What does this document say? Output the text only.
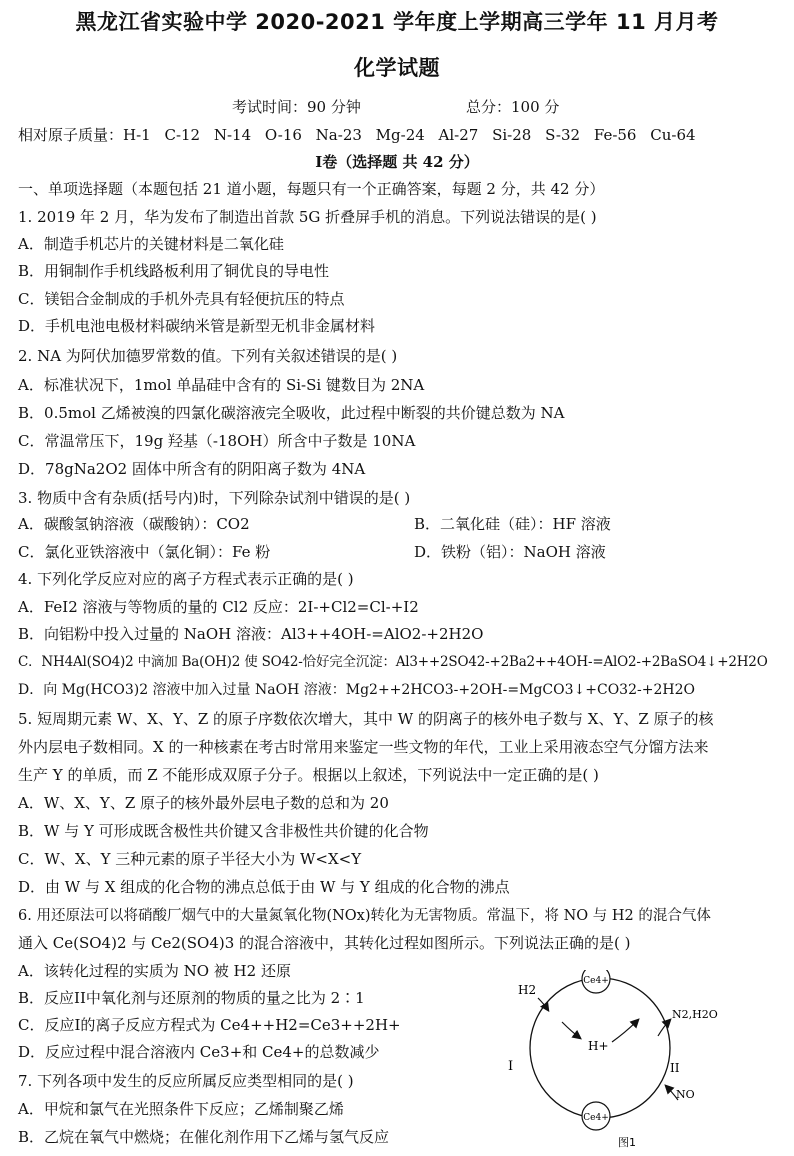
黑龙江省实验中学 2020-2021 学年度上学期高三学年 11 月月考
化学试题
考试时间：90 分钟	总分：100 分
相对原子质量：H-1 C-12 N-14 O-16 Na-23 Mg-24 Al-27 Si-28 S-32 Fe-56 Cu-64
I卷（选择题 共 42 分）
一、单项选择题（本题包括 21 道小题，每题只有一个正确答案，每题 2 分，共 42 分）
1. 2019 年 2 月，华为发布了制造出首款 5G 折叠屏手机的消息。下列说法错误的是( )
A．制造手机芯片的关键材料是二氧化硅
B．用铜制作手机线路板利用了铜优良的导电性
C．镁铝合金制成的手机外壳具有轻便抗压的特点
D．手机电池电极材料碳纳米管是新型无机非金属材料
2. NA 为阿伏加德罗常数的值。下列有关叙述错误的是( )
A．标准状况下，1mol 单晶硅中含有的 Si-Si 键数目为 2NA
B．0.5mol 乙烯被溴的四氯化碳溶液完全吸收，此过程中断裂的共价键总数为 NA
C．常温常压下，19g 羟基（-18OH）所含中子数是 10NA
D．78gNa2O2 固体中所含有的阴阳离子数为 4NA
3. 物质中含有杂质(括号内)时，下列除杂试剂中错误的是( )
A．碳酸氢钠溶液（碳酸钠）：CO2	B．二氧化硅（硅）：HF 溶液
C．氯化亚铁溶液中（氯化铜）：Fe 粉	D．铁粉（铝）：NaOH 溶液
4. 下列化学反应对应的离子方程式表示正确的是( )
A．FeI2 溶液与等物质的量的 Cl2 反应：2I-+Cl2=Cl-+I2
B．向铝粉中投入过量的 NaOH 溶液：Al3++4OH-=AlO2-+2H2O
C．NH4Al(SO4)2 中滴加 Ba(OH)2 使 SO42-恰好完全沉淀：Al3++2SO42-+2Ba2++4OH-=AlO2-+2BaSO4↓+2H2O
D．向 Mg(HCO3)2 溶液中加入过量 NaOH 溶液：Mg2++2HCO3-+2OH-=MgCO3↓+CO32-+2H2O
5. 短周期元素 W、X、Y、Z 的原子序数依次增大，其中 W 的阴离子的核外电子数与 X、Y、Z 原子的核
外内层电子数相同。X 的一种核素在考古时常用来鉴定一些文物的年代，工业上采用液态空气分馏方法来
生产 Y 的单质，而 Z 不能形成双原子分子。根据以上叙述，下列说法中一定正确的是( )
A．W、X、Y、Z 原子的核外最外层电子数的总和为 20
B．W 与 Y 可形成既含极性共价键又含非极性共价键的化合物
C．W、X、Y 三种元素的原子半径大小为 W<X<Y
D．由 W 与 X 组成的化合物的沸点总低于由 W 与 Y 组成的化合物的沸点
6. 用还原法可以将硝酸厂烟气中的大量氮氧化物(NOx)转化为无害物质。常温下，将 NO 与 H2 的混合气体
通入 Ce(SO4)2 与 Ce2(SO4)3 的混合溶液中，其转化过程如图所示。下列说法正确的是( )
A．该转化过程的实质为 NO 被 H2 还原
B．反应II中氧化剂与还原剂的物质的量之比为 2∶1
C．反应I的离子反应方程式为 Ce4++H2=Ce3++2H+
D．反应过程中混合溶液内 Ce3+和 Ce4+的总数减少
7. 下列各项中发生的反应所属反应类型相同的是( )
A．甲烷和氯气在光照条件下反应；乙烯制聚乙烯
B．乙烷在氧气中燃烧；在催化剂作用下乙烯与氢气反应
Ce4+
Ce4+
H2
N2,H2O
H+
I	II
NO
图1
